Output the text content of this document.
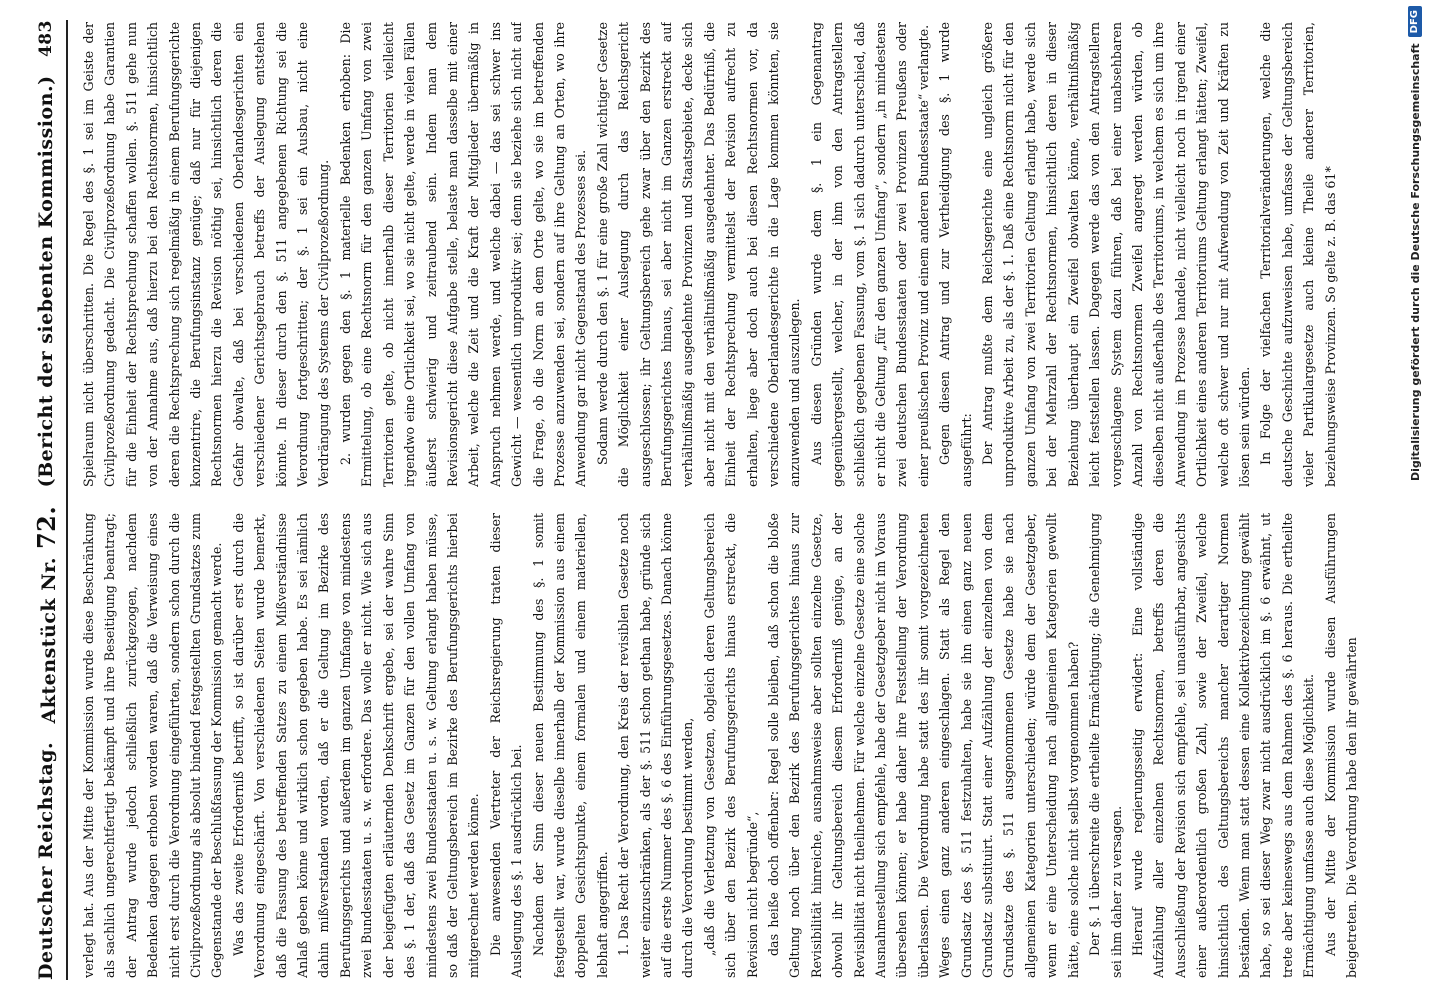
Deutscher Reichstag.
Aktenstück Nr.72.
(Bericht der siebenten Kommission.)
483

verlegt hat. Aus der Mitte der Kommission wurde diese Beschränkung als sachlich ungerechtfertigt bekämpft und ihre Beseitigung beantragt; der Antrag wurde jedoch schließlich zurückgezogen, nachdem Bedenken dagegen erhoben worden waren, daß die Verweisung eines nicht erst durch die Verordnung eingeführten, sondern schon durch die Civilprozeßordnung als absolut bindend festgestellten Grundsatzes zum Gegenstande der Beschlußfassung der Kommission gemacht werde. Was das zweite Erforderniß betrifft, so ist darüber erst durch die Verordnung eingeschärft. Von verschiedenen Seiten wurde bemerkt, daß die Fassung des betreffenden Satzes zu einem Mißverständnisse Anlaß geben könne und wirklich schon gegeben habe. Es sei nämlich dahin mißverstanden worden, daß er die Geltung im Bezirke des Berufungsgerichts und außerdem im ganzen Umfange von mindestens zwei Bundesstaaten u. s. w. erfordere. Das wolle er nicht. Wie sich aus der beigefügten erläuternden Denkschrift ergebe, sei der wahre Sinn des §. 1 der, daß das Gesetz im Ganzen für den vollen Umfang von mindestens zwei Bundesstaaten u. s. w. Geltung erlangt haben müsse, so daß der Geltungsbereich im Bezirke des Berufungsgerichts hierbei mitgerechnet werden könne. Die anwesenden Vertreter der Reichsregierung traten dieser Auslegung des §. 1 ausdrücklich bei. Nachdem der Sinn dieser neuen Bestimmung des §. 1 somit festgestellt war, wurde dieselbe innerhalb der Kommission aus einem doppelten Gesichtspunkte, einem formalen und einem materiellen, lebhaft angegriffen. 1. Das Recht der Verordnung, den Kreis der revisiblen Gesetze noch weiter einzuschränken, als der §. 511 schon gethan habe, gründe sich auf die erste Nummer des §. 6 des Einführungsgesetzes. Danach könne durch die Verordnung bestimmt werden, „daß die Verletzung von Gesetzen, obgleich deren Geltungsbereich sich über den Bezirk des Berufungsgerichts hinaus erstreckt, die Revision nicht begründe“, das heiße doch offenbar: Regel solle bleiben, daß schon die bloße Geltung noch über den Bezirk des Berufungsgerichtes hinaus zur Revisibilität hinreiche, ausnahmsweise aber sollten einzelne Gesetze, obwohl ihr Geltungsbereich diesem Erforderniß genüge, an der Revisibilität nicht theilnehmen. Für welche einzelne Gesetze eine solche Ausnahmestellung sich empfehle, habe der Gesetzgeber nicht im Voraus übersehen können; er habe daher ihre Feststellung der Verordnung überlassen. Die Verordnung habe statt des ihr somit vorgezeichneten Weges einen ganz anderen eingeschlagen. Statt als Regel den Grundsatz des §. 511 festzuhalten, habe sie ihn einen ganz neuen Grundsatz substituirt. Statt einer Aufzählung der einzelnen von dem Grundsatze des §. 511 ausgenommenen Gesetze habe sie nach allgemeinen Kategorien unterschieden; würde dem der Gesetzgeber, wenn er eine Unterscheidung nach allgemeinen Kategorien gewollt hätte, eine solche nicht selbst vorgenommen haben? Der §. 1 überschreite die ertheilte Ermächtigung; die Genehmigung sei ihm daher zu versagen. Hierauf wurde regierungsseitig erwidert: Eine vollständige Aufzählung aller einzelnen Rechtsnormen, betreffs deren die Ausschließung der Revision sich empfehle, sei unausführbar, angesichts einer außerordentlich großen Zahl, sowie der Zweifel, welche hinsichtlich des Geltungsbereichs mancher derartiger Normen beständen. Wenn man statt dessen eine Kollektivbezeichnung gewählt habe, so sei dieser Weg zwar nicht ausdrücklich im §. 6 erwähnt, ut trete aber keineswegs aus dem Rahmen des §. 6 heraus. Die ertheilte Ermächtigung umfasse auch diese Möglichkeit. Aus der Mitte der Kommission wurde diesen Ausführungen beigetreten. Die Verordnung habe den ihr gewährten

Spielraum nicht überschritten. Die Regel des §. 1 sei im Geiste der Civilprozeßordnung gedacht. Die Civilprozeßordnung habe Garantien für die Einheit der Rechtsprechung schaffen wollen. §. 511 gehe nun von der Annahme aus, daß hierzu bei den Rechtsnormen, hinsichtlich deren die Rechtsprechung sich regelmäßig in einem Berufungsgerichte konzentrire, die Berufungsinstanz genüge; daß nur für diejenigen Rechtsnormen hierzu die Revision nöthig sei, hinsichtlich deren die Gefahr obwalte, daß bei verschiedenen Oberlandesgerichten ein verschiedener Gerichtsgebrauch betreffs der Auslegung entstehen könnte. In dieser durch den §. 511 angegebenen Richtung sei die Verordnung fortgeschritten; der §. 1 sei ein Ausbau, nicht eine Verdrängung des Systems der Civilprozeßordnung. 2. wurden gegen den §. 1 materielle Bedenken erhoben: Die Ermittelung, ob eine Rechtsnorm für den ganzen Umfang von zwei Territorien gelte, ob nicht innerhalb dieser Territorien vielleicht irgendwo eine Ortlichkeit sei, wo sie nicht gelte, werde in vielen Fällen äußerst schwierig und zeitraubend sein. Indem man dem Revisionsgericht diese Aufgabe stelle, belaste man dasselbe mit einer Arbeit, welche die Zeit und die Kraft der Mitglieder übermäßig in Anspruch nehmen werde, und welche dabei — das sei schwer ins Gewicht — wesentlich unproduktiv sei; denn sie beziehe sich nicht auf die Frage, ob die Norm an dem Orte gelte, wo sie im betreffenden Prozesse anzuwenden sei, sondern auf ihre Geltung an Orten, wo ihre Anwendung gar nicht Gegenstand des Prozesses sei. Sodann werde durch den §. 1 für eine große Zahl wichtiger Gesetze die Möglichkeit einer Auslegung durch das Reichsgericht ausgeschlossen; ihr Geltungsbereich gehe zwar über den Bezirk des Berufungsgerichtes hinaus, sei aber nicht im Ganzen erstreckt auf verhältnißmäßig ausgedehnte Provinzen und Staatsgebiete, decke sich aber nicht mit den verhältnißmäßig ausgedehnter. Das Bedürfniß, die Einheit der Rechtsprechung vermittelst der Revision aufrecht zu erhalten, liege aber doch auch bei diesen Rechtsnormen vor, da verschiedene Oberlandesgerichte in die Lage kommen könnten, sie anzuwenden und auszulegen. Aus diesen Gründen wurde dem §. 1 ein Gegenantrag gegenübergestellt, welcher, in der ihm von den Antragstellern schließlich gegebenen Fassung, vom §. 1 sich dadurch unterschied, daß er nicht die Geltung „für den ganzen Umfang“, sondern „in mindestens zwei deutschen Bundesstaaten oder zwei Provinzen Preußens oder einer preußischen Provinz und einem anderen Bundesstaate“ verlangte. Gegen diesen Antrag und zur Vertheidigung des §. 1 wurde ausgeführt: Der Antrag mußte dem Reichsgerichte eine ungleich größere unproduktive Arbeit zu, als der §. 1. Daß eine Rechtsnorm nicht für den ganzen Umfang von zwei Territorien Geltung erlangt habe, werde sich bei der Mehrzahl der Rechtsnormen, hinsichtlich deren in dieser Beziehung überhaupt ein Zweifel obwalten könne, verhältnißmäßig leicht feststellen lassen. Dagegen werde das von den Antragstellern vorgeschlagene System dazu führen, daß bei einer unabsehbaren Anzahl von Rechtsnormen Zweifel angeregt werden würden, ob dieselben nicht außerhalb des Territoriums, in welchem es sich um ihre Anwendung im Prozesse handele, nicht vielleicht noch in irgend einer Ortlichkeit eines anderen Territoriums Geltung erlangt hätten; Zweifel, welche oft schwer und nur mit Aufwendung von Zeit und Kräften zu lösen sein würden. In Folge der vielfachen Territorialveränderungen, welche die deutsche Geschichte aufzuweisen habe, umfasse der Geltungsbereich vieler Partikulargesetze auch kleine Theile anderer Territorien, beziehungsweise Provinzen. So gelte z. B. das 61*	Digitalisierung gefördert durch die Deutsche Forschungsgemeinschaft
DFG
